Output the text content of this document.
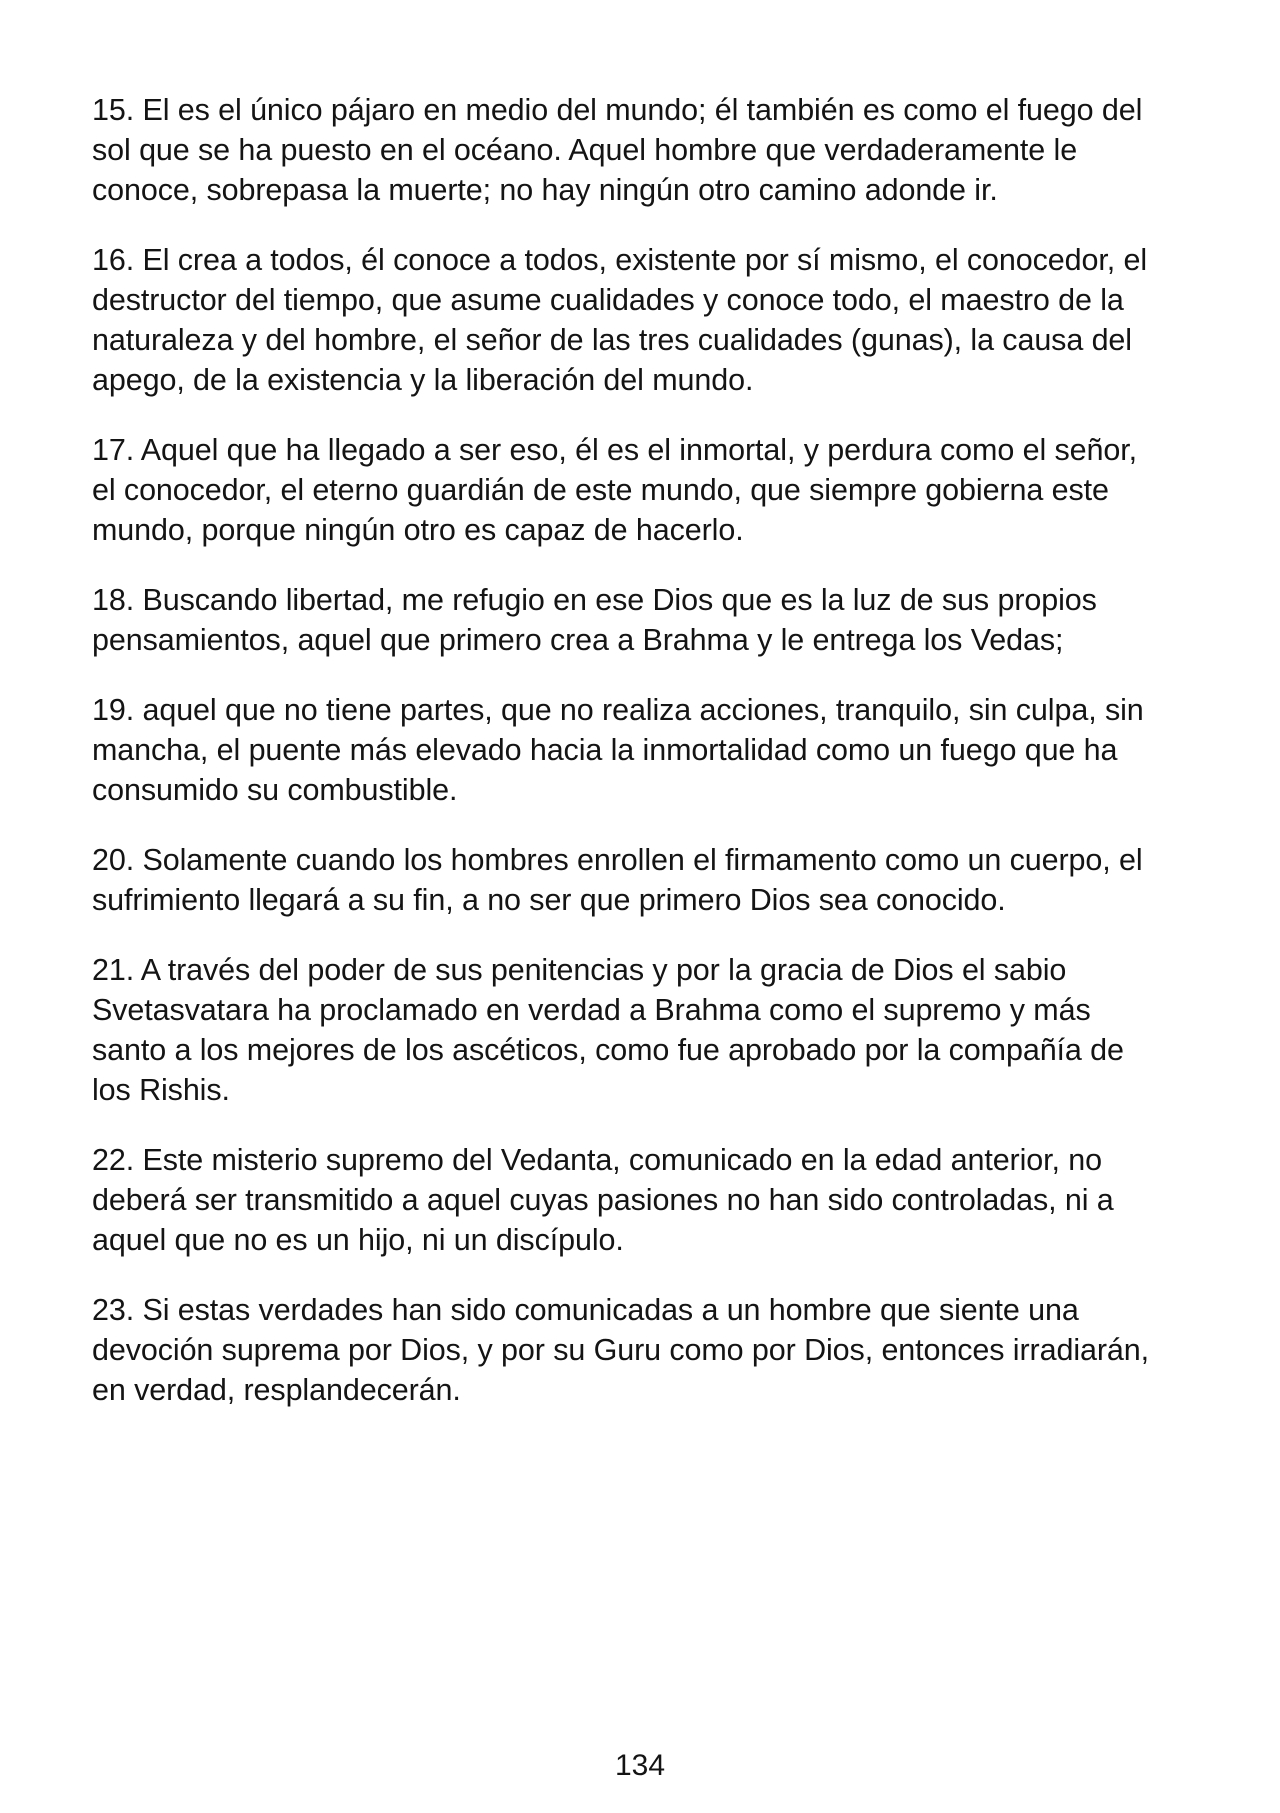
15. El es el único pájaro en medio del mundo; él también es como el fuego del
sol que se ha puesto en el océano. Aquel hombre que verdaderamente le
conoce, sobrepasa la muerte; no hay ningún otro camino adonde ir.

16. El crea a todos, él conoce a todos, existente por sí mismo, el conocedor, el
destructor del tiempo, que asume cualidades y conoce todo, el maestro de la
naturaleza y del hombre, el señor de las tres cualidades (gunas), la causa del
apego, de la existencia y la liberación del mundo.

17. Aquel que ha llegado a ser eso, él es el inmortal, y perdura como el señor,
el conocedor, el eterno guardián de este mundo, que siempre gobierna este
mundo, porque ningún otro es capaz de hacerlo.

18. Buscando libertad, me refugio en ese Dios que es la luz de sus propios
pensamientos, aquel que primero crea a Brahma y le entrega los Vedas;

19. aquel que no tiene partes, que no realiza acciones, tranquilo, sin culpa, sin
mancha, el puente más elevado hacia la inmortalidad como un fuego que ha
consumido su combustible.

20. Solamente cuando los hombres enrollen el firmamento como un cuerpo, el
sufrimiento llegará a su fin, a no ser que primero Dios sea conocido.

21. A través del poder de sus penitencias y por la gracia de Dios el sabio
Svetasvatara ha proclamado en verdad a Brahma como el supremo y más
santo a los mejores de los ascéticos, como fue aprobado por la compañía de
los Rishis.

22. Este misterio supremo del Vedanta, comunicado en la edad anterior, no
deberá ser transmitido a aquel cuyas pasiones no han sido controladas, ni a
aquel que no es un hijo, ni un discípulo.

23. Si estas verdades han sido comunicadas a un hombre que siente una
devoción suprema por Dios, y por su Guru como por Dios, entonces irradiarán,
en verdad, resplandecerán.

134
